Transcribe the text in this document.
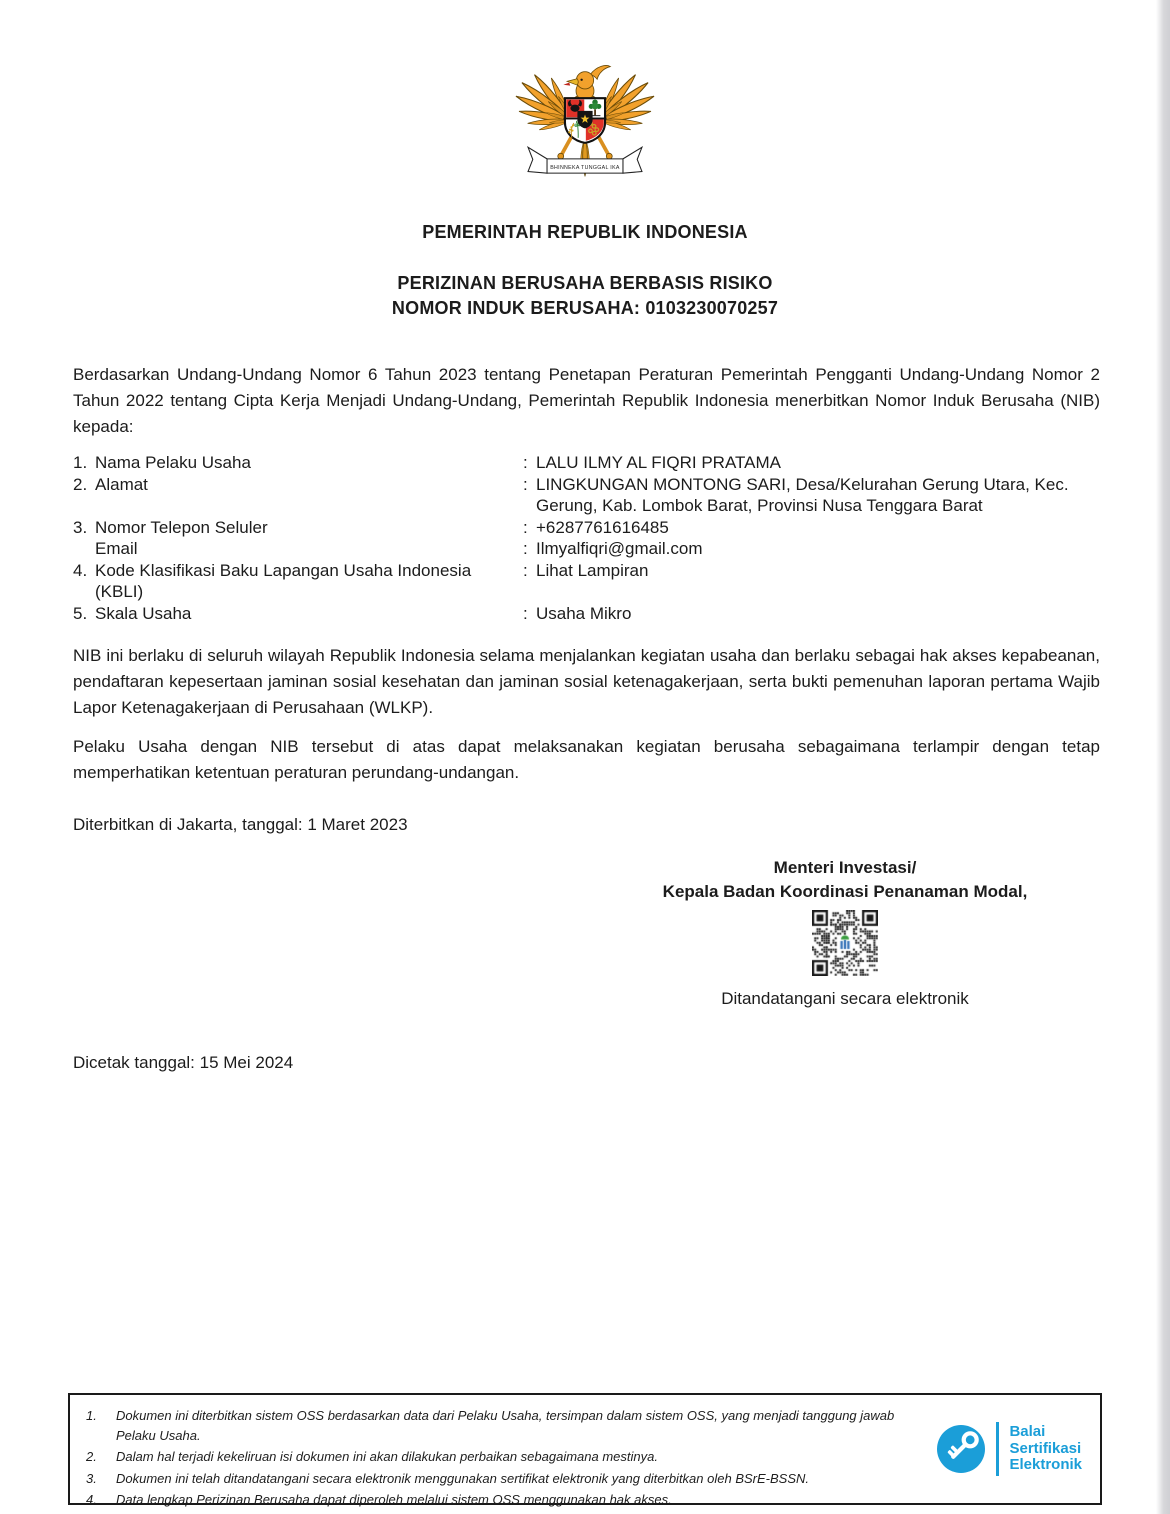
BHINNEKA TUNGGAL IKA
PEMERINTAH REPUBLIK INDONESIA
PERIZINAN BERUSAHA BERBASIS RISIKO
NOMOR INDUK BERUSAHA: 0103230070257
Berdasarkan Undang-Undang Nomor 6 Tahun 2023 tentang Penetapan Peraturan Pemerintah Pengganti Undang-Undang Nomor 2 Tahun 2022 tentang Cipta Kerja Menjadi Undang-Undang, Pemerintah Republik Indonesia menerbitkan Nomor Induk Berusaha (NIB) kepada:
1.	Nama Pelaku Usaha	:LALU ILMY AL FIQRI PRATAMA
2.	Alamat	:LINGKUNGAN MONTONG SARI, Desa/Kelurahan Gerung Utara, Kec. Gerung, Kab. Lombok Barat, Provinsi Nusa Tenggara Barat
3.	Nomor Telepon Seluler	:+6287761616485
	Email	:Ilmyalfiqri@gmail.com
4.	Kode Klasifikasi Baku Lapangan Usaha Indonesia (KBLI)	: Lihat Lampiran
5.	Skala Usaha	:Usaha Mikro
NIB ini berlaku di seluruh wilayah Republik Indonesia selama menjalankan kegiatan usaha dan berlaku sebagai hak akses kepabeanan, pendaftaran kepesertaan jaminan sosial kesehatan dan jaminan sosial ketenagakerjaan, serta bukti pemenuhan laporan pertama Wajib Lapor Ketenagakerjaan di Perusahaan (WLKP).
Pelaku Usaha dengan NIB tersebut di atas dapat melaksanakan kegiatan berusaha sebagaimana terlampir dengan tetap memperhatikan ketentuan peraturan perundang-undangan.
Diterbitkan di Jakarta, tanggal: 1 Maret 2023
Menteri Investasi/
Kepala Badan Koordinasi Penanaman Modal,
Ditandatangani secara elektronik
Dicetak tanggal: 15 Mei 2024
1.	Dokumen ini diterbitkan sistem OSS berdasarkan data dari Pelaku Usaha, tersimpan dalam sistem OSS, yang menjadi tanggung jawab Pelaku Usaha.
2.	Dalam hal terjadi kekeliruan isi dokumen ini akan dilakukan perbaikan sebagaimana mestinya.
3.	Dokumen ini telah ditandatangani secara elektronik menggunakan sertifikat elektronik yang diterbitkan oleh BSrE-BSSN.
4.	Data lengkap Perizinan Berusaha dapat diperoleh melalui sistem OSS menggunakan hak akses.
Balai
Sertifikasi
Elektronik
